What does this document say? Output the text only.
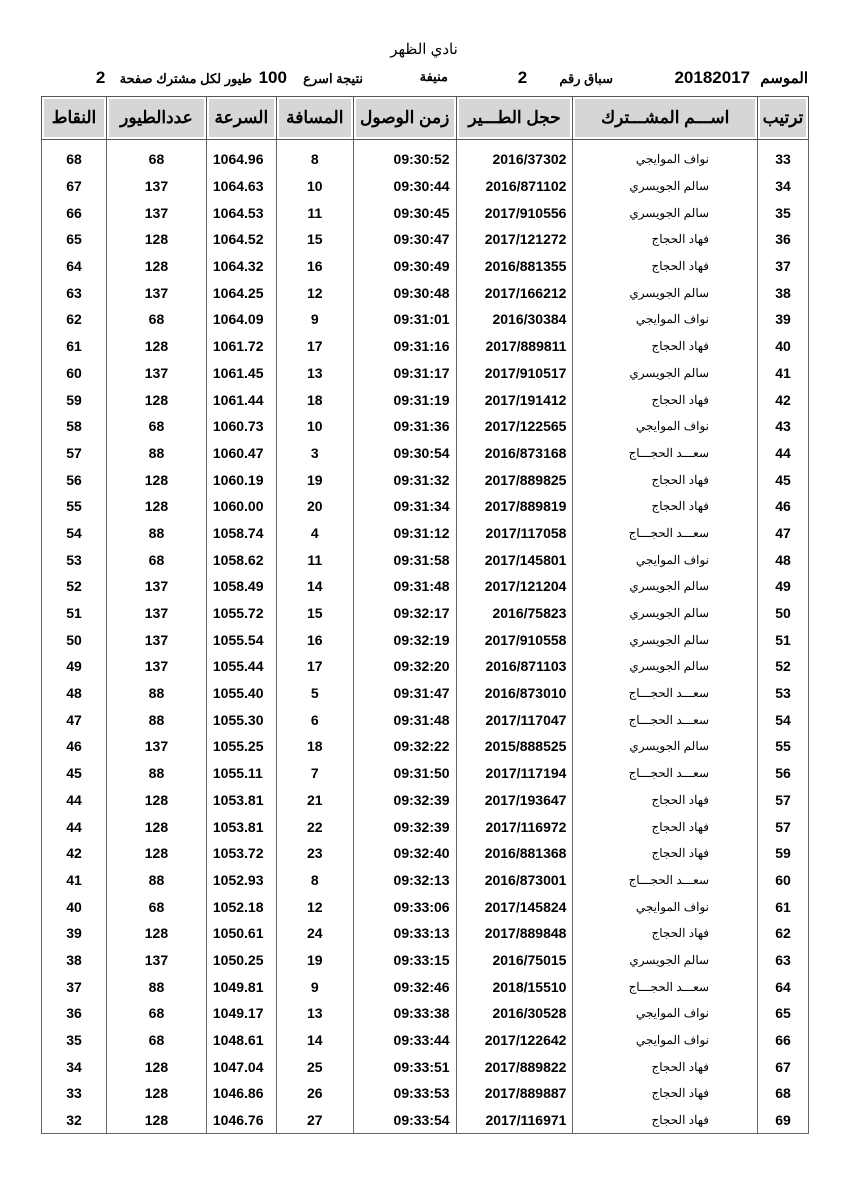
نادي الظهر
الموسم 20182017
سباق رقم 2
منيفة
نتيجة اسرع 100
طيور لكل مشترك صفحة 2
ترتيب	اســـم المشـــترك	حجل الطـــير	زمن الوصول	المسافة	السرعة	عددالطيور	النقاط
33	نواف الموايجي	2016/37302	09:30:52	8	1064.96	68	68
34	سالم الجويسري	2016/871102	09:30:44	10	1064.63	137	67
35	سالم الجويسري	2017/910556	09:30:45	11	1064.53	137	66
36	فهاد الحجاج	2017/121272	09:30:47	15	1064.52	128	65
37	فهاد الحجاج	2016/881355	09:30:49	16	1064.32	128	64
38	سالم الجويسري	2017/166212	09:30:48	12	1064.25	137	63
39	نواف الموايجي	2016/30384	09:31:01	9	1064.09	68	62
40	فهاد الحجاج	2017/889811	09:31:16	17	1061.72	128	61
41	سالم الجويسري	2017/910517	09:31:17	13	1061.45	137	60
42	فهاد الحجاج	2017/191412	09:31:19	18	1061.44	128	59
43	نواف الموايجي	2017/122565	09:31:36	10	1060.73	68	58
44	سعـــد الحجـــاج	2016/873168	09:30:54	3	1060.47	88	57
45	فهاد الحجاج	2017/889825	09:31:32	19	1060.19	128	56
46	فهاد الحجاج	2017/889819	09:31:34	20	1060.00	128	55
47	سعـــد الحجـــاج	2017/117058	09:31:12	4	1058.74	88	54
48	نواف الموايجي	2017/145801	09:31:58	11	1058.62	68	53
49	سالم الجويسري	2017/121204	09:31:48	14	1058.49	137	52
50	سالم الجويسري	2016/75823	09:32:17	15	1055.72	137	51
51	سالم الجويسري	2017/910558	09:32:19	16	1055.54	137	50
52	سالم الجويسري	2016/871103	09:32:20	17	1055.44	137	49
53	سعـــد الحجـــاج	2016/873010	09:31:47	5	1055.40	88	48
54	سعـــد الحجـــاج	2017/117047	09:31:48	6	1055.30	88	47
55	سالم الجويسري	2015/888525	09:32:22	18	1055.25	137	46
56	سعـــد الحجـــاج	2017/117194	09:31:50	7	1055.11	88	45
57	فهاد الحجاج	2017/193647	09:32:39	21	1053.81	128	44
57	فهاد الحجاج	2017/116972	09:32:39	22	1053.81	128	44
59	فهاد الحجاج	2016/881368	09:32:40	23	1053.72	128	42
60	سعـــد الحجـــاج	2016/873001	09:32:13	8	1052.93	88	41
61	نواف الموايجي	2017/145824	09:33:06	12	1052.18	68	40
62	فهاد الحجاج	2017/889848	09:33:13	24	1050.61	128	39
63	سالم الجويسري	2016/75015	09:33:15	19	1050.25	137	38
64	سعـــد الحجـــاج	2018/15510	09:32:46	9	1049.81	88	37
65	نواف الموايجي	2016/30528	09:33:38	13	1049.17	68	36
66	نواف الموايجي	2017/122642	09:33:44	14	1048.61	68	35
67	فهاد الحجاج	2017/889822	09:33:51	25	1047.04	128	34
68	فهاد الحجاج	2017/889887	09:33:53	26	1046.86	128	33
69	فهاد الحجاج	2017/116971	09:33:54	27	1046.76	128	32
